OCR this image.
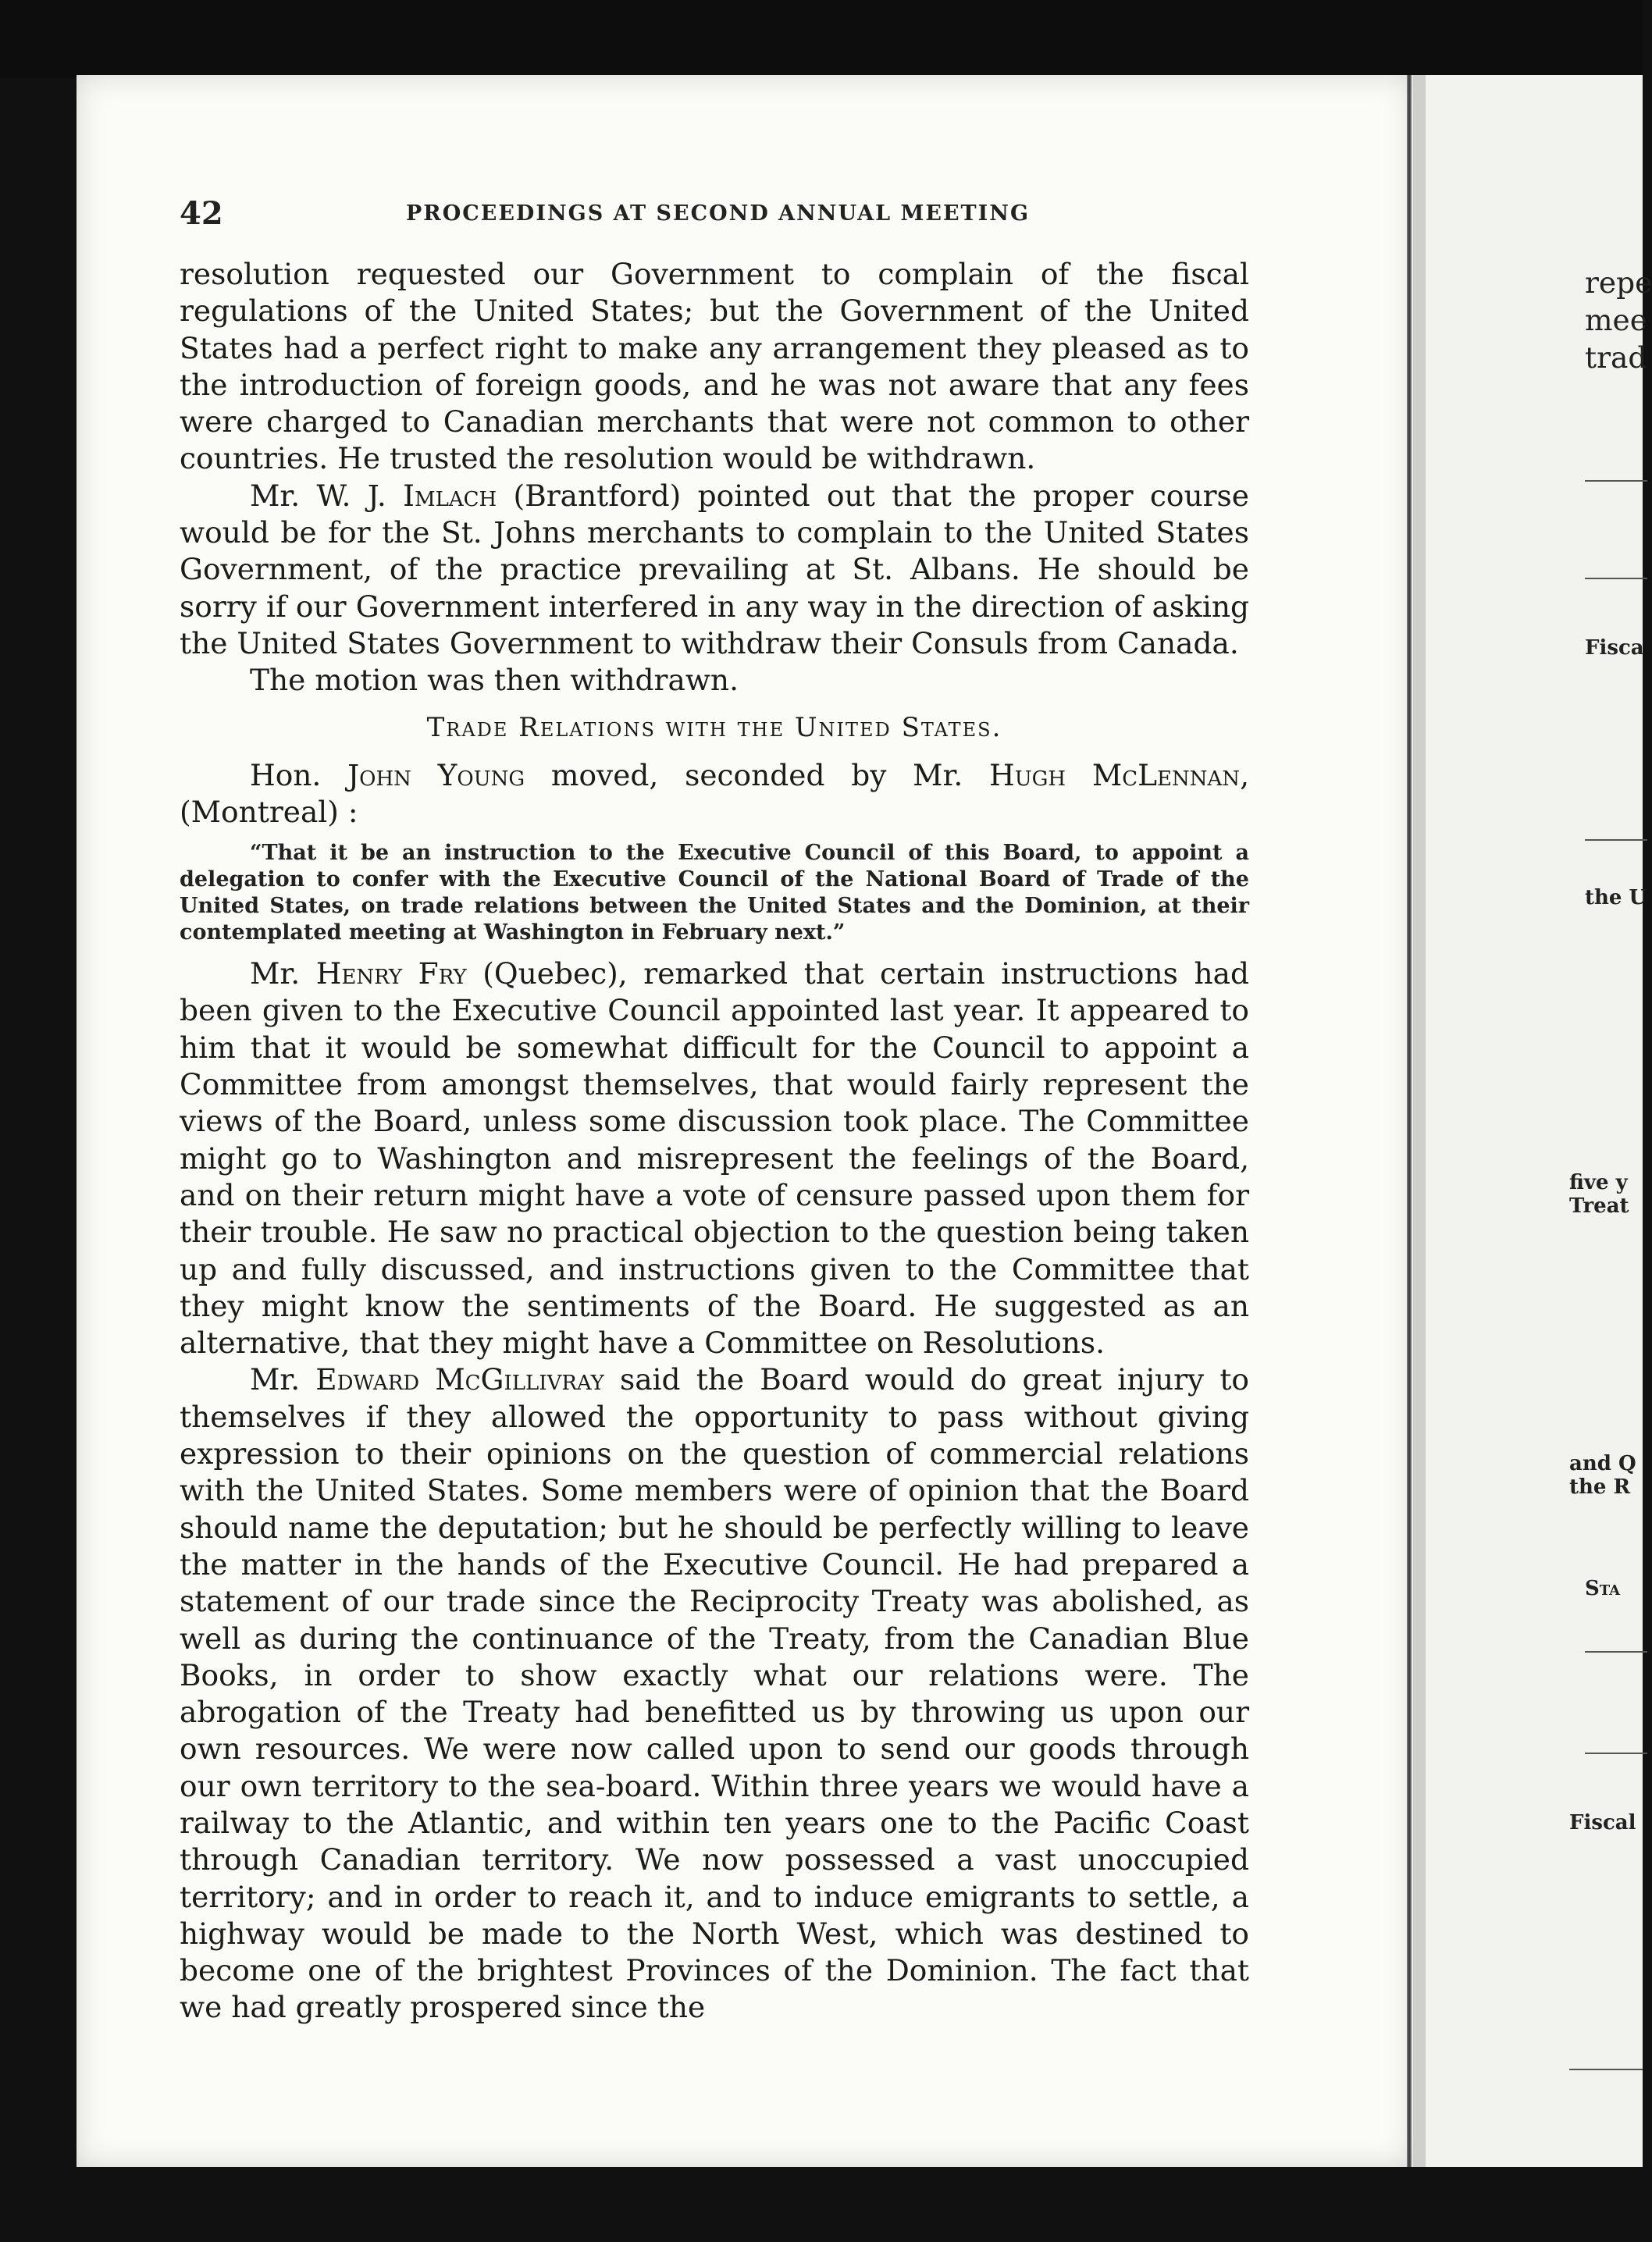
42	PROCEEDINGS AT SECOND ANNUAL MEETING

resolution requested our Government to complain of the fiscal regulations of the United States; but the Government of the United States had a perfect right to make any arrangement they pleased as to the introduction of foreign goods, and he was not aware that any fees were charged to Canadian merchants that were not common to other countries. He trusted the resolution would be withdrawn.

Mr. W. J. Imlach (Brantford) pointed out that the proper course would be for the St. Johns merchants to complain to the United States Government, of the practice prevailing at St. Albans. He should be sorry if our Government interfered in any way in the direction of asking the United States Government to withdraw their Consuls from Canada.

The motion was then withdrawn.

Trade Relations with the United States.

Hon. John Young moved, seconded by Mr. Hugh McLennan, (Montreal) :

“That it be an instruction to the Executive Council of this Board, to appoint a delegation to confer with the Executive Council of the National Board of Trade of the United States, on trade relations between the United States and the Dominion, at their contemplated meeting at Washington in February next.”

Mr. Henry Fry (Quebec), remarked that certain instructions had been given to the Executive Council appointed last year. It appeared to him that it would be somewhat difficult for the Council to appoint a Committee from amongst themselves, that would fairly represent the views of the Board, unless some discussion took place. The Committee might go to Washington and misrepresent the feelings of the Board, and on their return might have a vote of censure passed upon them for their trouble. He saw no practical objection to the question being taken up and fully discussed, and instructions given to the Committee that they might know the sentiments of the Board. He suggested as an alternative, that they might have a Committee on Resolutions.

Mr. Edward McGillivray said the Board would do great injury to themselves if they allowed the opportunity to pass without giving expression to their opinions on the question of commercial relations with the United States. Some members were of opinion that the Board should name the deputation; but he should be perfectly willing to leave the matter in the hands of the Executive Council. He had prepared a statement of our trade since the Reciprocity Treaty was abolished, as well as during the continuance of the Treaty, from the Canadian Blue Books, in order to show exactly what our relations were. The abrogation of the Treaty had benefitted us by throwing us upon our own resources. We were now called upon to send our goods through our own territory to the sea-board. Within three years we would have a railway to the Atlantic, and within ten years one to the Pacific Coast through Canadian territory. We now possessed a vast unoccupied territory; and in order to reach it, and to induce emigrants to settle, a highway would be made to the North West, which was destined to become one of the brightest Provinces of the Dominion. The fact that we had greatly prospered since the

repe
mee
trad
Fisca
the U
five y
Treat
and Q
the R
Sta
Fiscal
